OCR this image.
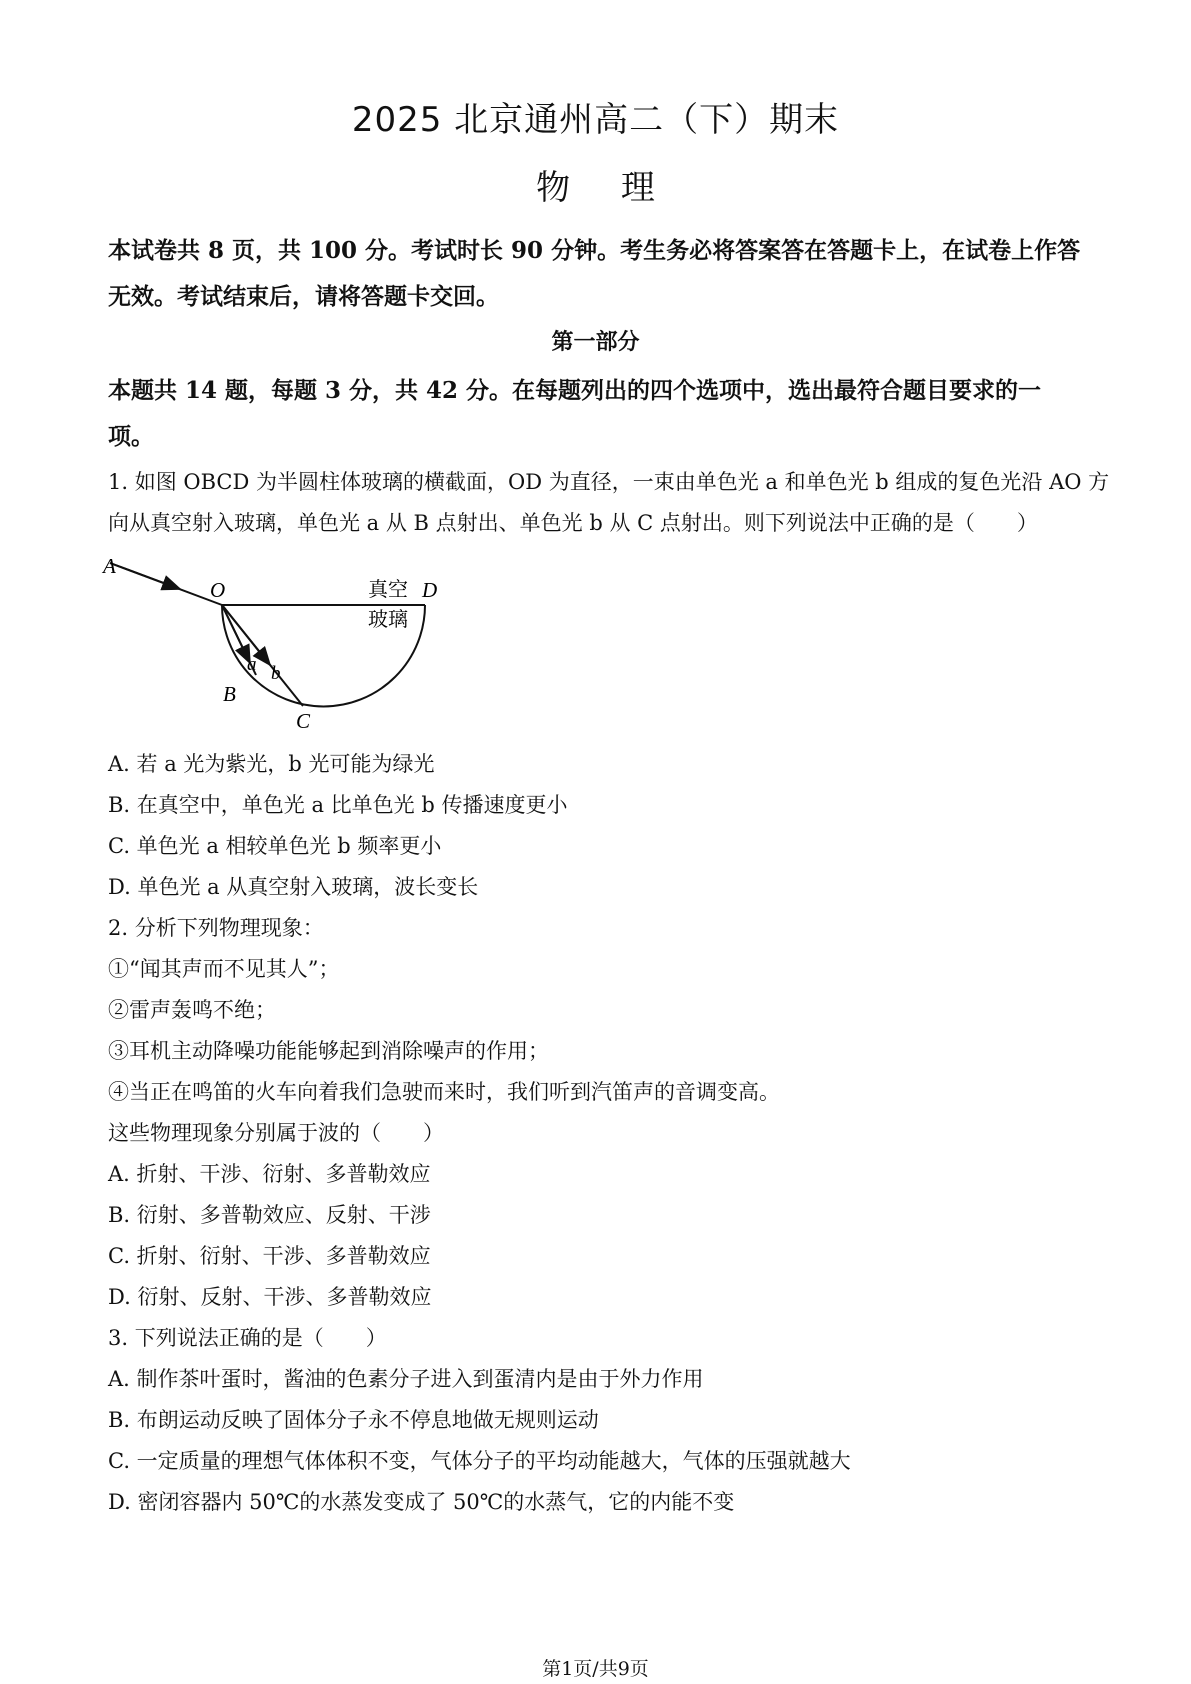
2025 北京通州高二（下）期末

物 理

本试卷共 8 页，共 100 分。考试时长 90 分钟。考生务必将答案答在答题卡上，在试卷上作答

无效。考试结束后，请将答题卡交回。

第一部分

本题共 14 题，每题 3 分，共 42 分。在每题列出的四个选项中，选出最符合题目要求的一

项。

1. 如图 OBCD 为半圆柱体玻璃的横截面，OD 为直径，一束由单色光 a 和单色光 b 组成的复色光沿 AO 方

向从真空射入玻璃，单色光 a 从 B 点射出、单色光 b 从 C 点射出。则下列说法中正确的是（　　）

A
O	D
B
C
a b
真空
玻璃

A. 若 a 光为紫光，b 光可能为绿光

B. 在真空中，单色光 a 比单色光 b 传播速度更小

C. 单色光 a 相较单色光 b 频率更小

D. 单色光 a 从真空射入玻璃，波长变长

2. 分析下列物理现象：

①“闻其声而不见其人”；

②雷声轰鸣不绝；

③耳机主动降噪功能能够起到消除噪声的作用；

④当正在鸣笛的火车向着我们急驶而来时，我们听到汽笛声的音调变高。

这些物理现象分别属于波的（　　）

A. 折射、干涉、衍射、多普勒效应

B. 衍射、多普勒效应、反射、干涉

C. 折射、衍射、干涉、多普勒效应

D. 衍射、反射、干涉、多普勒效应

3. 下列说法正确的是（　　）

A. 制作茶叶蛋时，酱油的色素分子进入到蛋清内是由于外力作用

B. 布朗运动反映了固体分子永不停息地做无规则运动

C. 一定质量的理想气体体积不变，气体分子的平均动能越大，气体的压强就越大

D. 密闭容器内 50℃的水蒸发变成了 50℃的水蒸气，它的内能不变

第1页/共9页
